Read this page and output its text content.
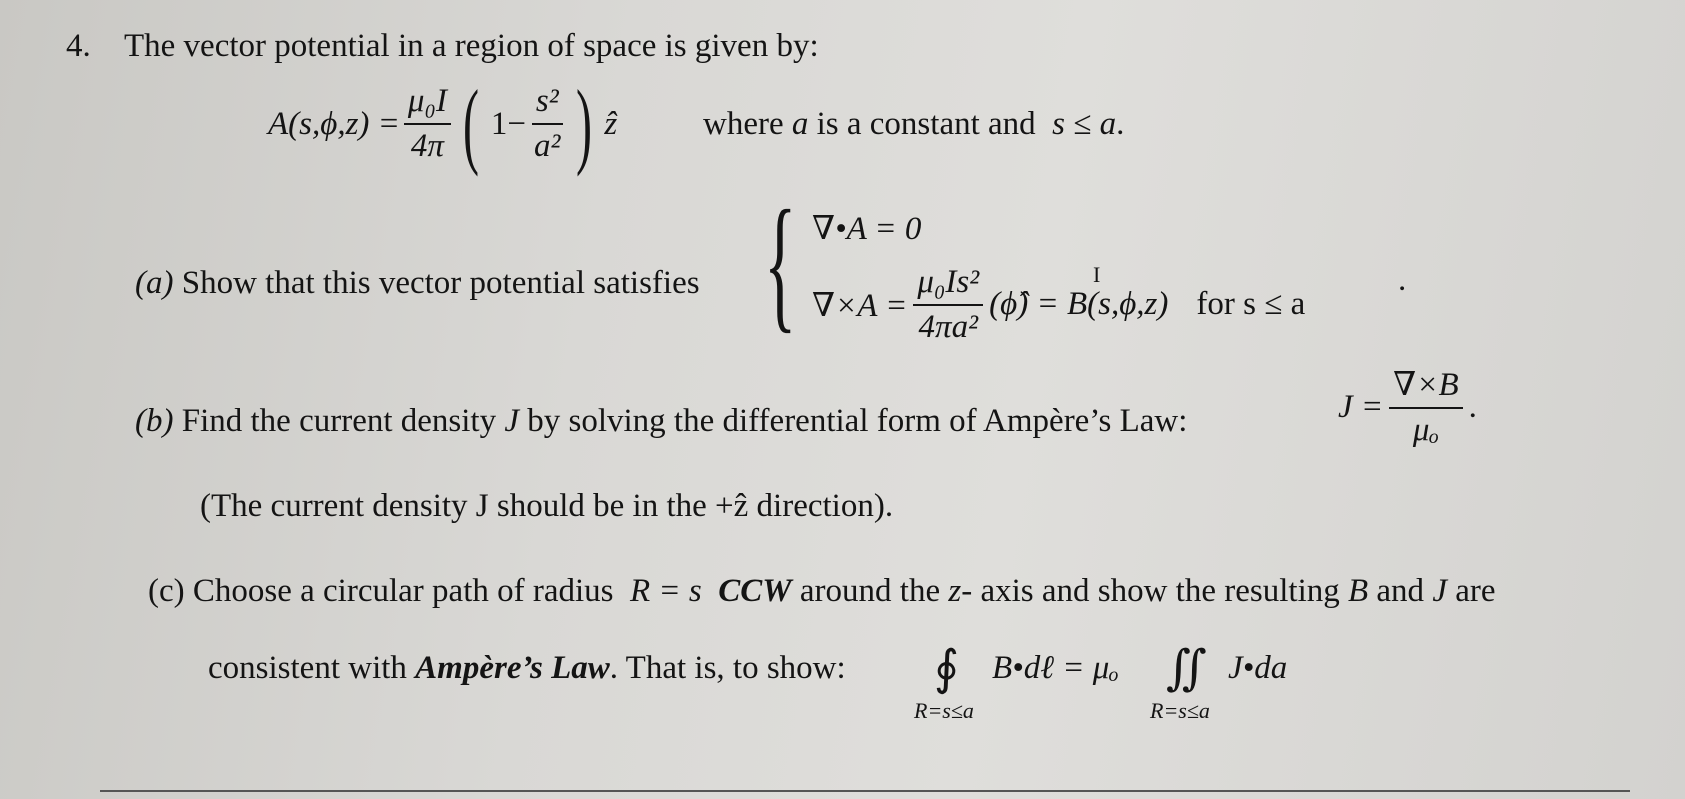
4. The vector potential in a region of space is given by:
$A(s,\phi,z) = \frac{\text{μ₀I}}{4\pi}$ ( $1- \frac{\text{s²}}{\text{a²}}$ ) ẑ	where a is a constant and s ≤ a.
(a) Show that this vector potential satisfies { ∇•A = 0
$\nabla\times A = \frac{\text{μ₀Is²}}{\text{4πa²}}$ (ϕ̂) = B(s,ϕ,z) for s ≤ a
I	.
(b) Find the current density J by solving the differential form of Ampère’s Law:	$J = \frac{\nabla\times B}{\text{μₒ}}$ .
(The current density J should be in the +ẑ direction).
(c) Choose a circular path of radius R = s CCW around the z- axis and show the resulting B and J are
consistent with Ampère’s Law. That is, to show: ∮
R=s≤a
B•dℓ = μₒ ∬
R=s≤a
J•da
